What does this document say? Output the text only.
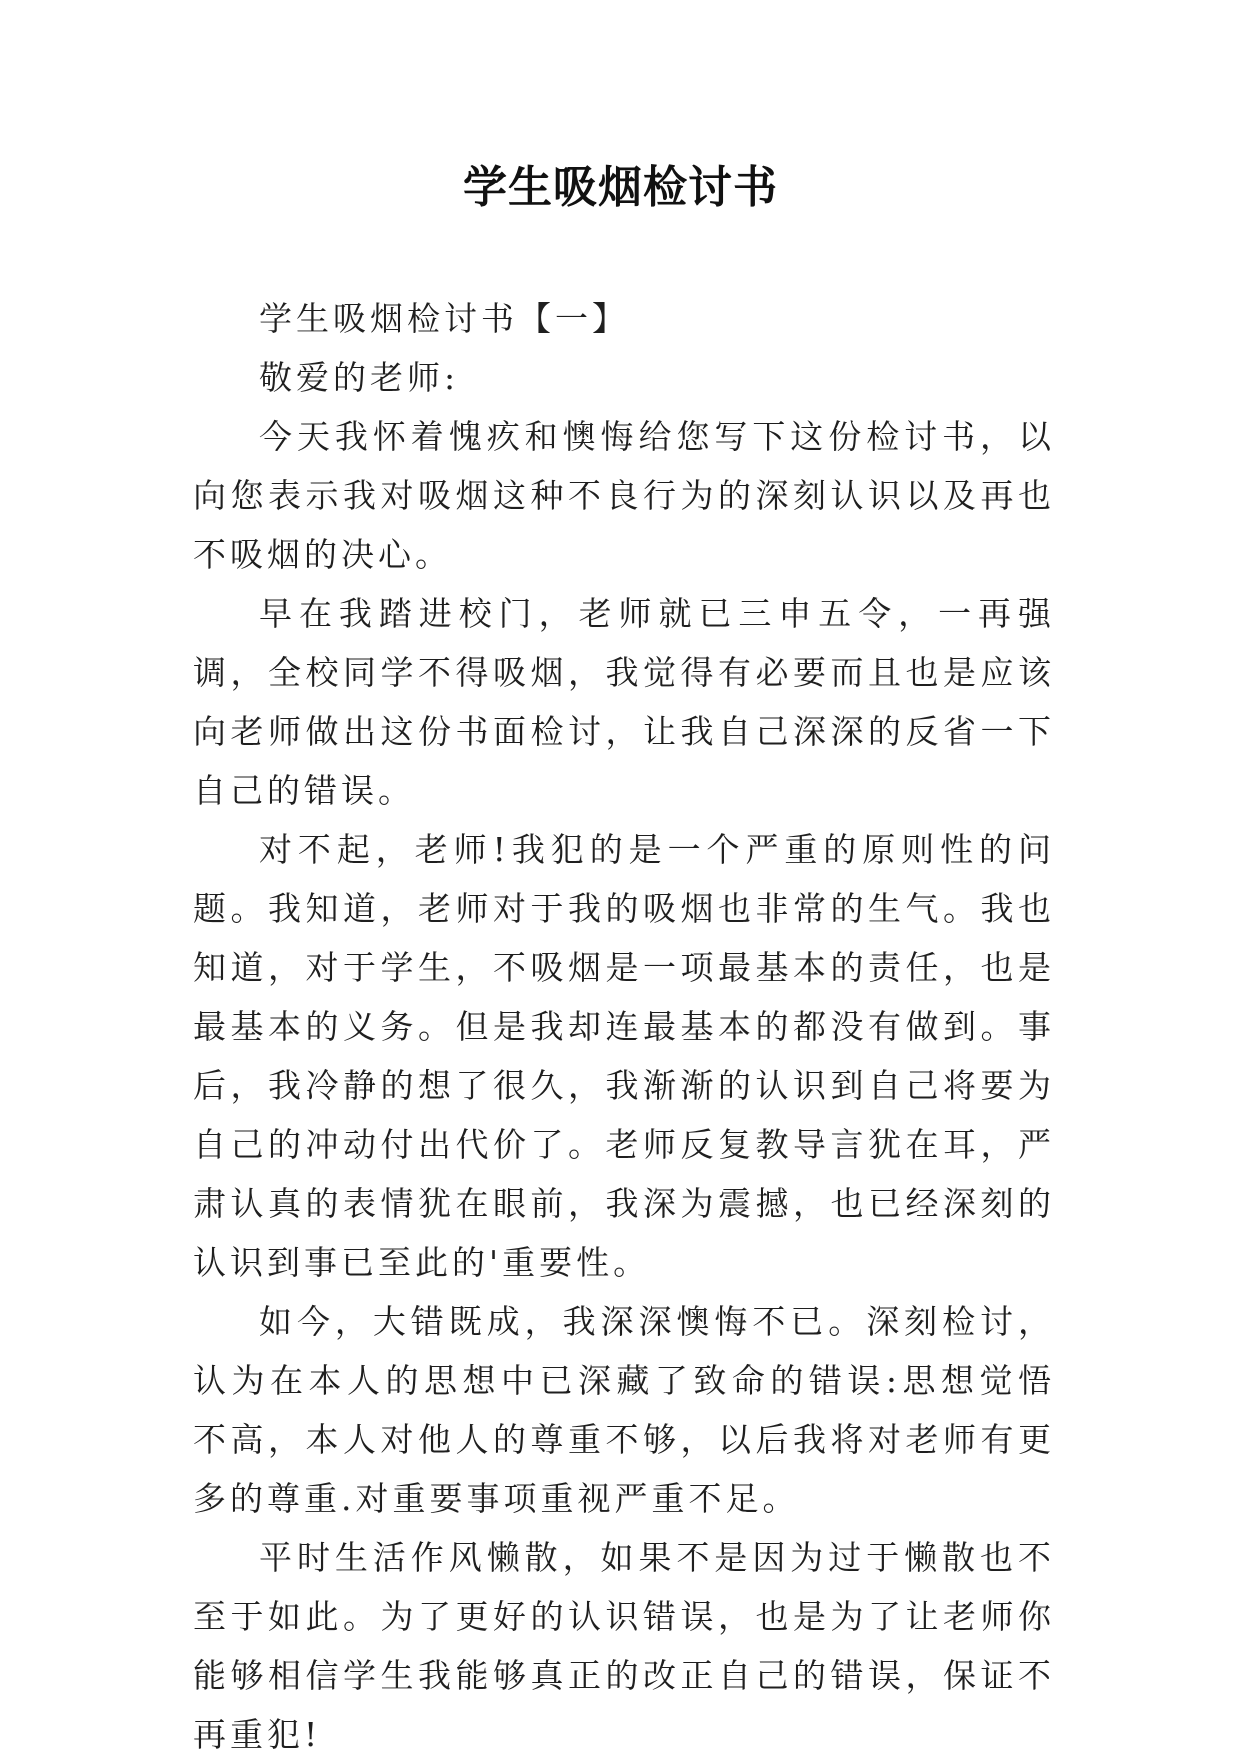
学生吸烟检讨书

学生吸烟检讨书【一】

敬爱的老师:

今天我怀着愧疚和懊悔给您写下这份检讨书，以向您表示我对吸烟这种不良行为的深刻认识以及再也不吸烟的决心。

早在我踏进校门，老师就已三申五令，一再强调，全校同学不得吸烟，我觉得有必要而且也是应该向老师做出这份书面检讨，让我自己深深的反省一下自己的错误。

对不起，老师!我犯的是一个严重的原则性的问题。我知道，老师对于我的吸烟也非常的生气。我也知道，对于学生，不吸烟是一项最基本的责任，也是最基本的义务。但是我却连最基本的都没有做到。事后，我冷静的想了很久，我渐渐的认识到自己将要为自己的冲动付出代价了。老师反复教导言犹在耳，严肃认真的表情犹在眼前，我深为震撼，也已经深刻的认识到事已至此的'重要性。

如今，大错既成，我深深懊悔不已。深刻检讨，认为在本人的思想中已深藏了致命的错误:思想觉悟不高，本人对他人的尊重不够，以后我将对老师有更多的尊重.对重要事项重视严重不足。

平时生活作风懒散，如果不是因为过于懒散也不至于如此。为了更好的认识错误，也是为了让老师你能够相信学生我能够真正的改正自己的错误，保证不再重犯!
